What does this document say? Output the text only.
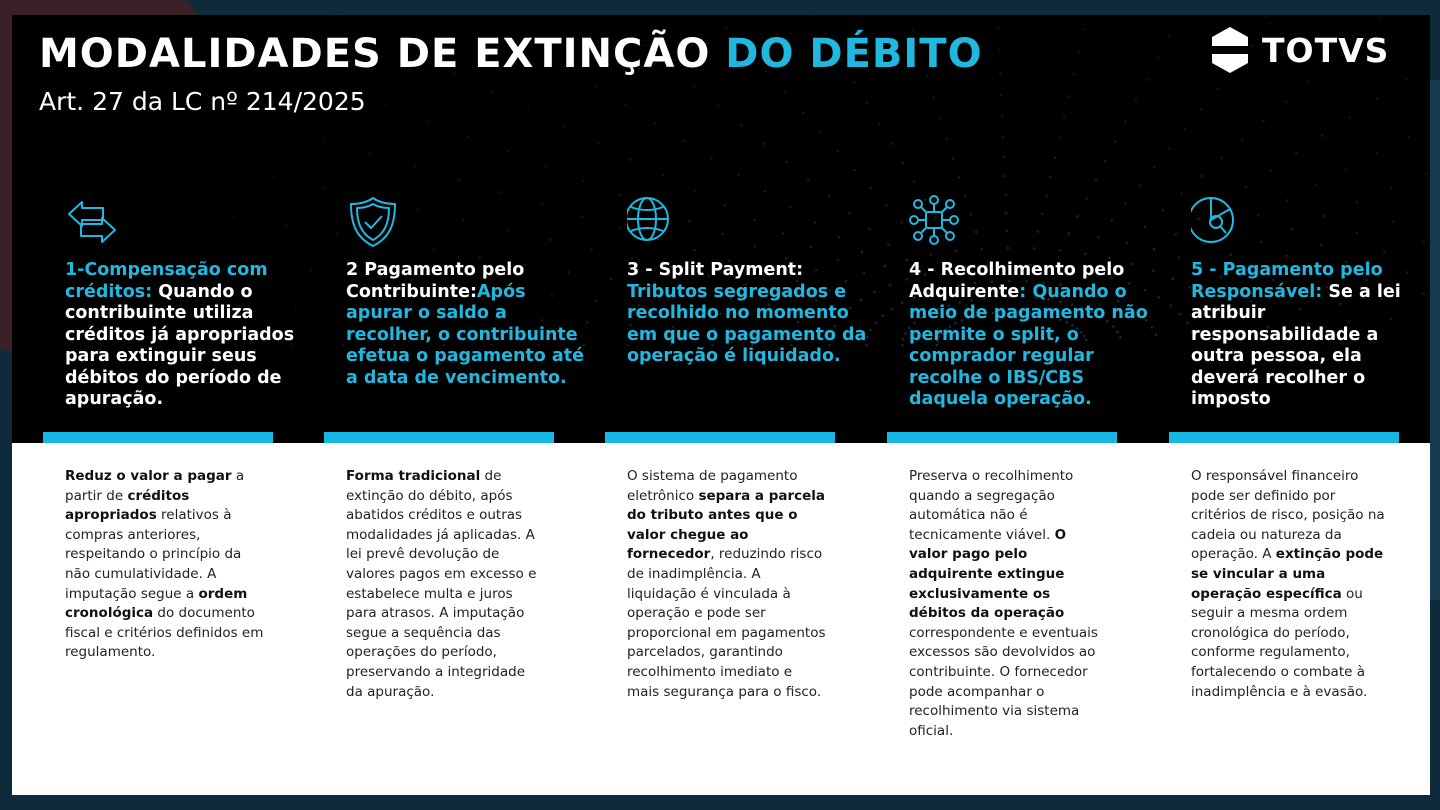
MODALIDADES DE EXTINÇÃO DO DÉBITO
Art. 27 da LC nº 214/2025
TOTVS
1-Compensação com créditos: Quando o contribuinte utiliza créditos já apropriados para extinguir seus débitos do período de apuração.
Reduz o valor a pagar a partir de créditos apropriados relativos à compras anteriores, respeitando o princípio da não cumulatividade. A imputação segue a ordem cronológica do documento fiscal e critérios definidos em regulamento.
2 Pagamento pelo Contribuinte:Após apurar o saldo a recolher, o contribuinte efetua o pagamento até a data de vencimento.
Forma tradicional de extinção do débito, após abatidos créditos e outras modalidades já aplicadas. A lei prevê devolução de valores pagos em excesso e estabelece multa e juros para atrasos. A imputação segue a sequência das operações do período, preservando a integridade da apuração.
3 - Split Payment: Tributos segregados e recolhido no momento em que o pagamento da operação é liquidado.
O sistema de pagamento eletrônico separa a parcela do tributo antes que o valor chegue ao fornecedor, reduzindo risco de inadimplência. A liquidação é vinculada à operação e pode ser proporcional em pagamentos parcelados, garantindo recolhimento imediato e mais segurança para o fisco.
4 - Recolhimento pelo Adquirente: Quando o meio de pagamento não permite o split, o comprador regular recolhe o IBS/CBS daquela operação.
Preserva o recolhimento quando a segregação automática não é tecnicamente viável. O valor pago pelo adquirente extingue exclusivamente os débitos da operação correspondente e eventuais excessos são devolvidos ao contribuinte. O fornecedor pode acompanhar o recolhimento via sistema oficial.
5 - Pagamento pelo Responsável: Se a lei atribuir responsabilidade a outra pessoa, ela deverá recolher o imposto
O responsável financeiro pode ser definido por critérios de risco, posição na cadeia ou natureza da operação. A extinção pode se vincular a uma operação específica ou seguir a mesma ordem cronológica do período, conforme regulamento, fortalecendo o combate à inadimplência e à evasão.
